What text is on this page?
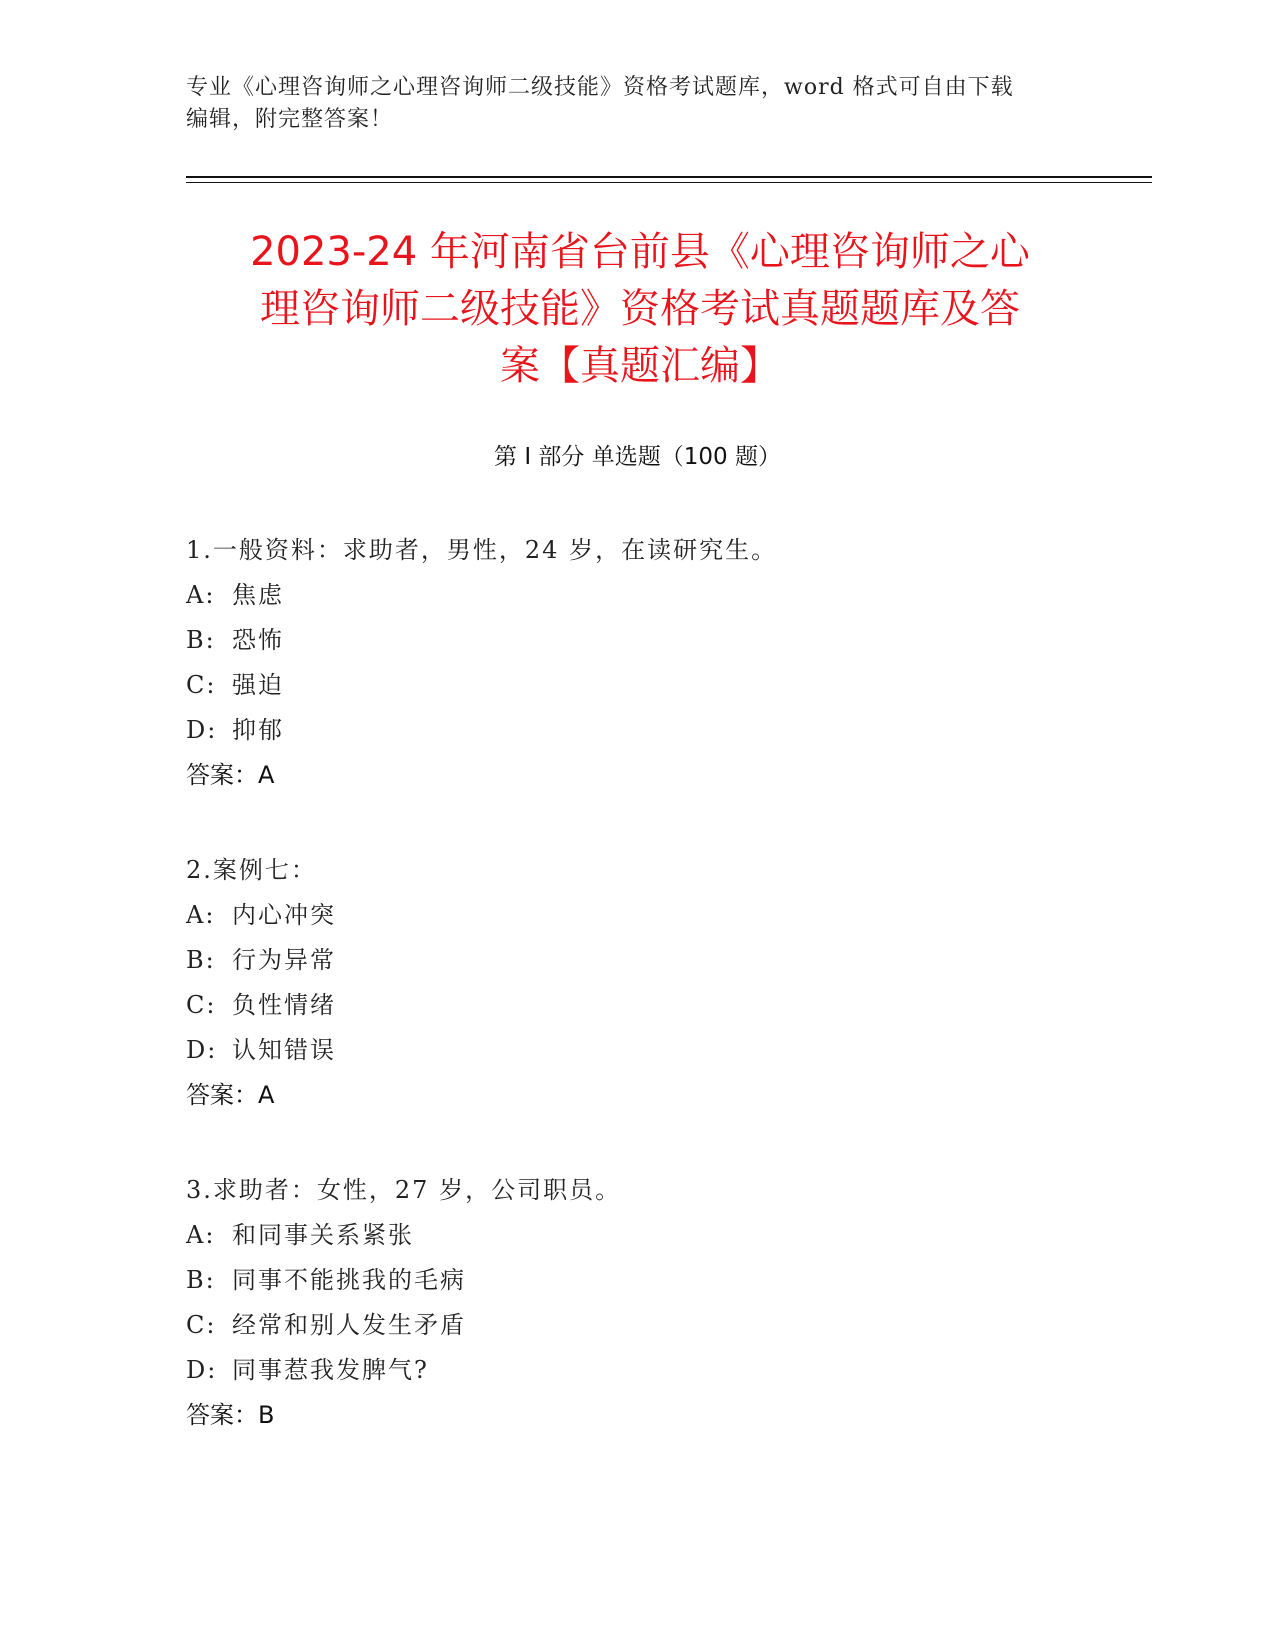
专业《心理咨询师之心理咨询师二级技能》资格考试题库，word 格式可自由下载

编辑，附完整答案！

2023-24 年河南省台前县《心理咨询师之心

理咨询师二级技能》资格考试真题题库及答

案【真题汇编】

第 I 部分 单选题（100 题）
1.一般资料：求助者，男性，24 岁，在读研究生。
A: 焦虑
B: 恐怖
C: 强迫
D: 抑郁
答案：A
2.案例七：
A: 内心冲突
B: 行为异常
C: 负性情绪
D: 认知错误
答案：A
3.求助者：女性，27 岁，公司职员。
A: 和同事关系紧张
B: 同事不能挑我的毛病
C: 经常和别人发生矛盾
D: 同事惹我发脾气?
答案：B
